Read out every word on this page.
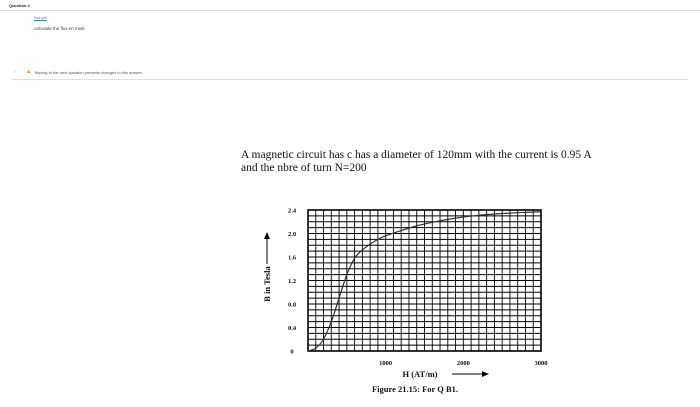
Question 4
Not yet
calculate the flux en mwb
› ▲ Moving to the next question prevents changes to this answer.
A magnetic circuit has c has a diameter of 120mm with the current is 0.95 A and the nbre of turn N=200
0
0.4
0.8
1.2
1.6
2.0
2.4
1000	2000	3000
B in Tesla
H (AT/m)
Figure 21.15: For Q B1.
